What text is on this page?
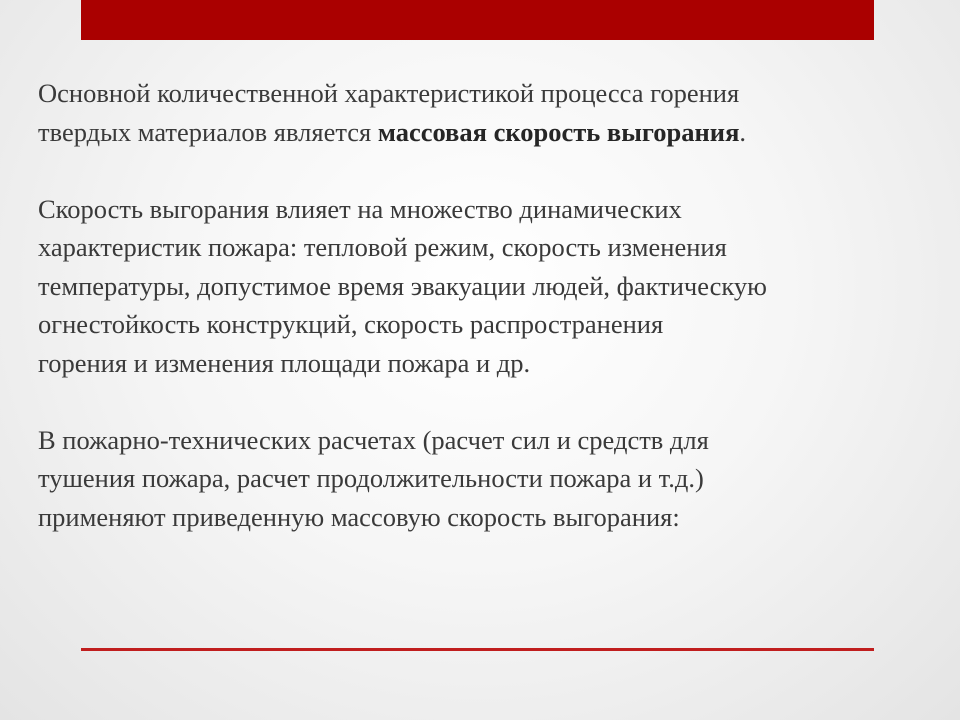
Основной количественной характеристикой процесса горения
твердых материалов является массовая скорость выгорания.

Скорость выгорания влияет на множество динамических
характеристик пожара: тепловой режим, скорость изменения
температуры, допустимое время эвакуации людей, фактическую
огнестойкость конструкций, скорость распространения
горения и изменения площади пожара и др.

В пожарно-технических расчетах (расчет сил и средств для
тушения пожара, расчет продолжительности пожара и т.д.)
применяют приведенную массовую скорость выгорания:
